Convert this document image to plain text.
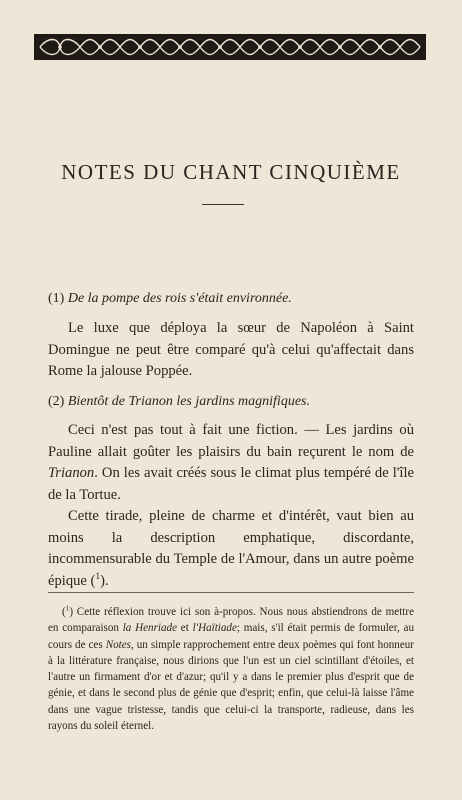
NOTES DU CHANT CINQUIÈME

(1) De la pompe des rois s'était environnée.

Le luxe que déploya la sœur de Napoléon à Saint Domingue ne peut être comparé qu'à celui qu'affectait dans Rome la jalouse Poppée.

(2) Bientôt de Trianon les jardins magnifiques.

Ceci n'est pas tout à fait une fiction. — Les jardins où Pauline allait goûter les plaisirs du bain reçurent le nom de Trianon. On les avait créés sous le climat plus tempéré de l'île de la Tortue.

Cette tirade, pleine de charme et d'intérêt, vaut bien au moins la description emphatique, discordante, incommensurable du Temple de l'Amour, dans un autre poème épique ($^1$).

($^1$) Cette réflexion trouve ici son à-propos. Nous nous abstiendrons de mettre en comparaison la Henriade et l'Haïtiade; mais, s'il était permis de formuler, au cours de ces Notes, un simple rapprochement entre deux poèmes qui font honneur à la littérature française, nous dirions que l'un est un ciel scintillant d'étoiles, et l'autre un firmament d'or et d'azur; qu'il y a dans le premier plus d'esprit que de génie, et dans le second plus de génie que d'esprit; enfin, que celui-là laisse l'âme dans une vague tristesse, tandis que celui-ci la transporte, radieuse, dans les rayons du soleil éternel.
